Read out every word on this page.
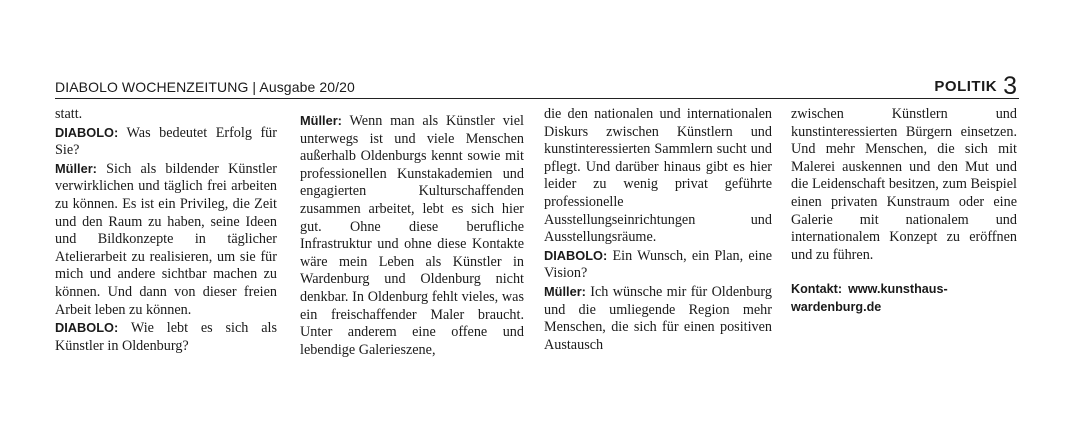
DIABOLO WOCHENZEITUNG | Ausgabe 20/20	POLITIK 3

statt.

DIABOLO: Was bedeutet Erfolg für Sie?

Müller: Sich als bildender Künstler verwirklichen und täglich frei arbeiten zu können. Es ist ein Privileg, die Zeit und den Raum zu haben, seine Ideen und Bildkonzepte in täglicher Atelierarbeit zu realisieren, um sie für mich und andere sichtbar machen zu können. Und dann von dieser freien Arbeit leben zu können.

DIABOLO: Wie lebt es sich als Künstler in Oldenburg?

Müller: Wenn man als Künstler viel unterwegs ist und viele Menschen außerhalb Oldenburgs kennt sowie mit professionellen Kunstakademien und engagierten Kulturschaffenden zusammen arbeitet, lebt es sich hier gut. Ohne diese berufliche Infrastruktur und ohne diese Kontakte wäre mein Leben als Künstler in Wardenburg und Oldenburg nicht denkbar. In Oldenburg fehlt vieles, was ein freischaffender Maler braucht. Unter anderem eine offene und lebendige Galerieszene,

die den nationalen und internationalen Diskurs zwischen Künstlern und kunstinteressierten Sammlern sucht und pflegt. Und darüber hinaus gibt es hier leider zu wenig privat geführte professionelle Ausstellungseinrichtungen und Ausstellungsräume.

DIABOLO: Ein Wunsch, ein Plan, eine Vision?

Müller: Ich wünsche mir für Oldenburg und die umliegende Region mehr Menschen, die sich für einen positiven Austausch

zwischen Künstlern und kunstinteressierten Bürgern einsetzen. Und mehr Menschen, die sich mit Malerei auskennen und den Mut und die Leidenschaft besitzen, zum Beispiel einen privaten Kunstraum oder eine Galerie mit nationalem und internationalem Konzept zu eröffnen und zu führen.

Kontakt: www.kunsthaus-wardenburg.de
